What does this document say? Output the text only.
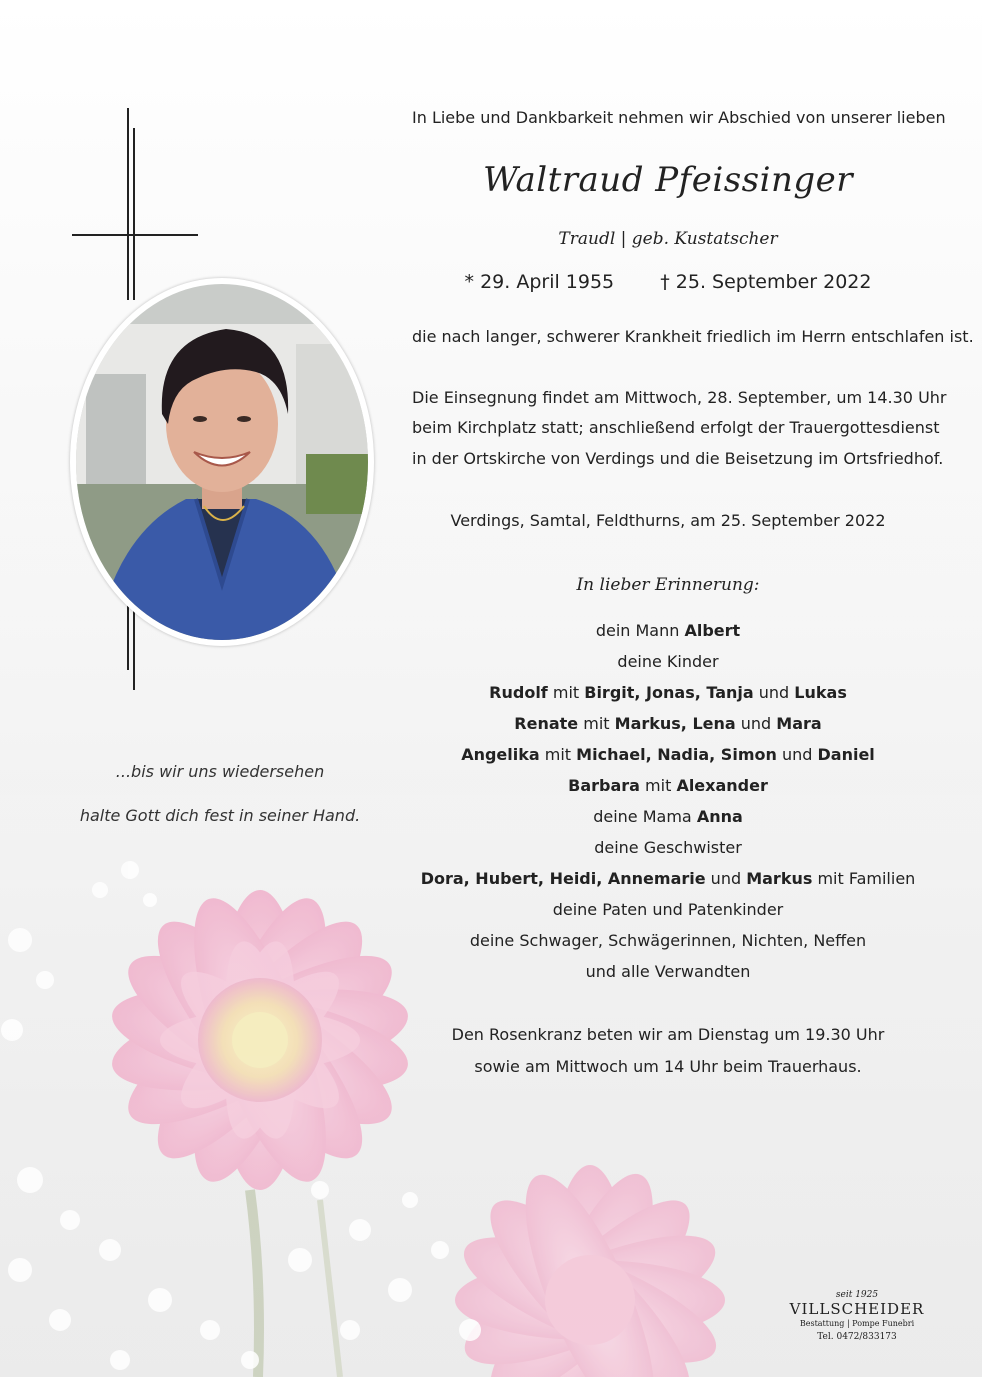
In Liebe und Dankbarkeit nehmen wir Abschied von unserer lieben
Waltraud Pfeissinger
Traudl | geb. Kustatscher
* 29. April 1955 † 25. September 2022
die nach langer, schwerer Krankheit friedlich im Herrn entschlafen ist.
Die Einsegnung findet am Mittwoch, 28. September, um 14.30 Uhr
beim Kirchplatz statt; anschließend erfolgt der Trauergottesdienst
in der Ortskirche von Verdings und die Beisetzung im Ortsfriedhof.
Verdings, Samtal, Feldthurns, am 25. September 2022
In lieber Erinnerung:
dein Mann Albert
deine Kinder
Rudolf mit Birgit, Jonas, Tanja und Lukas
Renate mit Markus, Lena und Mara
Angelika mit Michael, Nadia, Simon und Daniel
Barbara mit Alexander
deine Mama Anna
deine Geschwister
Dora, Hubert, Heidi, Annemarie und Markus mit Familien
deine Paten und Patenkinder
deine Schwager, Schwägerinnen, Nichten, Neffen
und alle Verwandten
Den Rosenkranz beten wir am Dienstag um 19.30 Uhr
sowie am Mittwoch um 14 Uhr beim Trauerhaus.
...bis wir uns wiedersehen
halte Gott dich fest in seiner Hand.
seit 1925
VILLSCHEIDER
Bestattung | Pompe Funebri
Tel. 0472/833173
